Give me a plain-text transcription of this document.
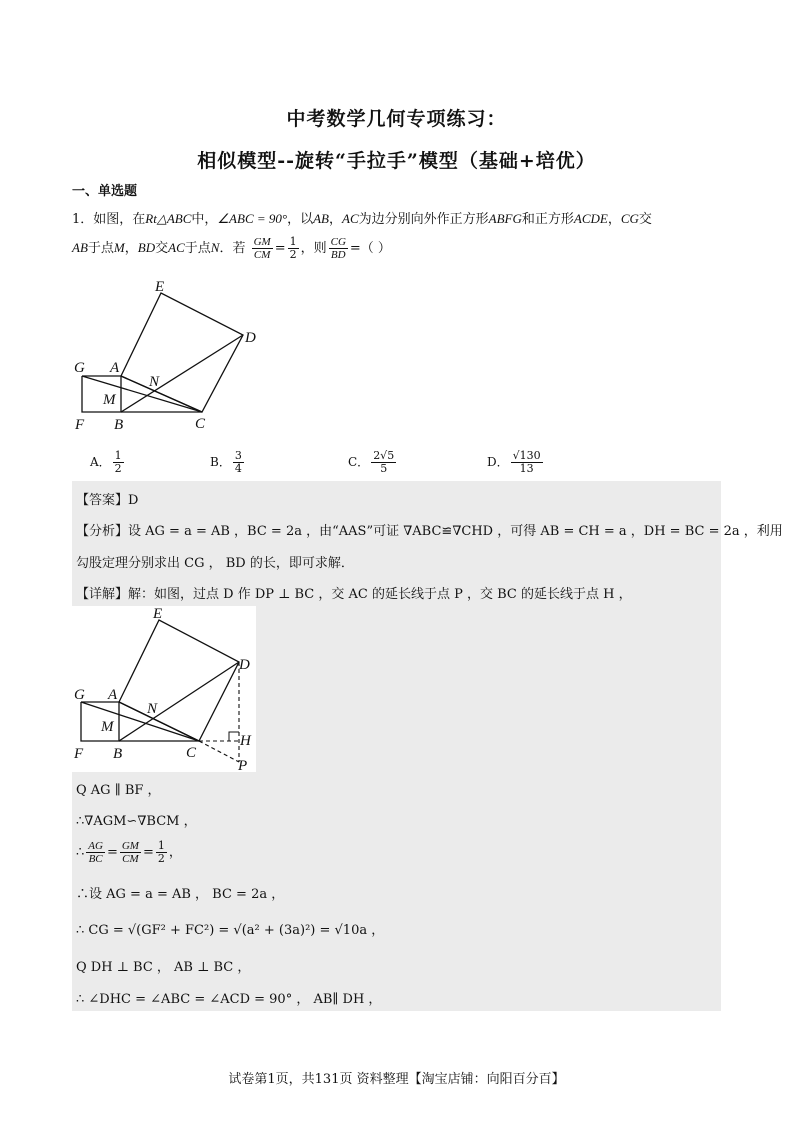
中考数学几何专项练习：
相似模型--旋转“手拉手”模型（基础+培优）
一、单选题
1．如图，在Rt△ABC中，∠ABC = 90°，以AB，AC为边分别向外作正方形ABFG和正方形ACDE，CG交
AB于点M，BD交AC于点N．若 $\frac{GM}{CM} = \frac{1}{2}$ ，则 $\frac{CG}{BD}$ =（ ）
E
D
G A
N
M
F B	C
A． $\frac{1}{2}$	B． $\frac{3}{4}$	C． $\frac{2√5}{5}$	D． $\frac{√130}{13}$
【答案】D
【分析】设 AG = a = AB ，BC = 2a ，由“AAS”可证 ∇ABC≌∇CHD ，可得 AB = CH = a ，DH = BC = 2a ，利用
勾股定理分别求出 CG ， BD 的长，即可求解．
【详解】解：如图，过点 D 作 DP ⊥ BC ，交 AC 的延长线于点 P ，交 BC 的延长线于点 H ，
E
D
G A
N
M
H
F B	C
P
Q AG ∥ BF ，
∴∇AGM∽∇BCM ，
∴ $\frac{AG}{BC} = \frac{GM}{CM} = \frac{1}{2}$ ，
∴设 AG = a = AB ， BC = 2a ，
∴ CG = √(GF² + FC²) = √(a² + (3a)²) = √10a ，
Q DH ⊥ BC ， AB ⊥ BC ，
∴ ∠DHC = ∠ABC = ∠ACD = 90° ， AB∥ DH ，
试卷第1页，共131页 资料整理【淘宝店铺：向阳百分百】
